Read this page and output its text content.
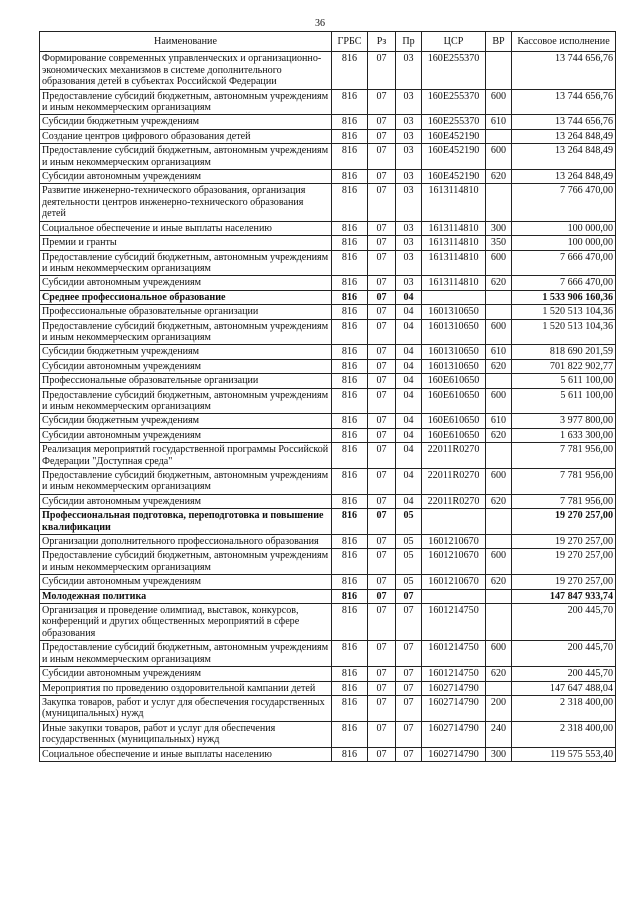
36
Наименование	ГРБС	Рз	Пр	ЦСР	ВР	Кассовое исполнение
Формирование современных управленческих и организационно-экономических механизмов в системе дополнительного образования детей в субъектах Российской Федерации	816	07	03	160E255370		13 744 656,76
Предоставление субсидий бюджетным, автономным учреждениям и иным некоммерческим организациям	816	07	03	160E255370	600	13 744 656,76
Субсидии бюджетным учреждениям	816	07	03	160E255370	610	13 744 656,76
Создание центров цифрового образования детей	816	07	03	160E452190		13 264 848,49
Предоставление субсидий бюджетным, автономным учреждениям и иным некоммерческим организациям	816	07	03	160E452190	600	13 264 848,49
Субсидии автономным учреждениям	816	07	03	160E452190	620	13 264 848,49
Развитие инженерно-технического образования, организация деятельности центров инженерно-технического образования детей	816	07	03	1613114810		7 766 470,00
Социальное обеспечение и иные выплаты населению	816	07	03	1613114810	300	100 000,00
Премии и гранты	816	07	03	1613114810	350	100 000,00
Предоставление субсидий бюджетным, автономным учреждениям и иным некоммерческим организациям	816	07	03	1613114810	600	7 666 470,00
Субсидии автономным учреждениям	816	07	03	1613114810	620	7 666 470,00
Среднее профессиональное образование	816	07	04			1 533 906 160,36
Профессиональные образовательные организации	816	07	04	1601310650		1 520 513 104,36
Предоставление субсидий бюджетным, автономным учреждениям и иным некоммерческим организациям	816	07	04	1601310650	600	1 520 513 104,36
Субсидии бюджетным учреждениям	816	07	04	1601310650	610	818 690 201,59
Субсидии автономным учреждениям	816	07	04	1601310650	620	701 822 902,77
Профессиональные образовательные организации	816	07	04	160E610650		5 611 100,00
Предоставление субсидий бюджетным, автономным учреждениям и иным некоммерческим организациям	816	07	04	160E610650	600	5 611 100,00
Субсидии бюджетным учреждениям	816	07	04	160E610650	610	3 977 800,00
Субсидии автономным учреждениям	816	07	04	160E610650	620	1 633 300,00
Реализация мероприятий государственной программы Российской Федерации "Доступная среда"	816	07	04	22011R0270		7 781 956,00
Предоставление субсидий бюджетным, автономным учреждениям и иным некоммерческим организациям	816	07	04	22011R0270	600	7 781 956,00
Субсидии автономным учреждениям	816	07	04	22011R0270	620	7 781 956,00
Профессиональная подготовка, переподготовка и повышение квалификации	816	07	05			19 270 257,00
Организации дополнительного профессионального образования	816	07	05	1601210670		19 270 257,00
Предоставление субсидий бюджетным, автономным учреждениям и иным некоммерческим организациям	816	07	05	1601210670	600	19 270 257,00
Субсидии автономным учреждениям	816	07	05	1601210670	620	19 270 257,00
Молодежная политика	816	07	07			147 847 933,74
Организация и проведение олимпиад, выставок, конкурсов, конференций и других общественных мероприятий в сфере образования	816	07	07	1601214750		200 445,70
Предоставление субсидий бюджетным, автономным учреждениям и иным некоммерческим организациям	816	07	07	1601214750	600	200 445,70
Субсидии автономным учреждениям	816	07	07	1601214750	620	200 445,70
Мероприятия по проведению оздоровительной кампании детей	816	07	07	1602714790		147 647 488,04
Закупка товаров, работ и услуг для обеспечения государственных (муниципальных) нужд	816	07	07	1602714790	200	2 318 400,00
Иные закупки товаров, работ и услуг для обеспечения государственных (муниципальных) нужд	816	07	07	1602714790	240	2 318 400,00
Социальное обеспечение и иные выплаты населению	816	07	07	1602714790	300	119 575 553,40
